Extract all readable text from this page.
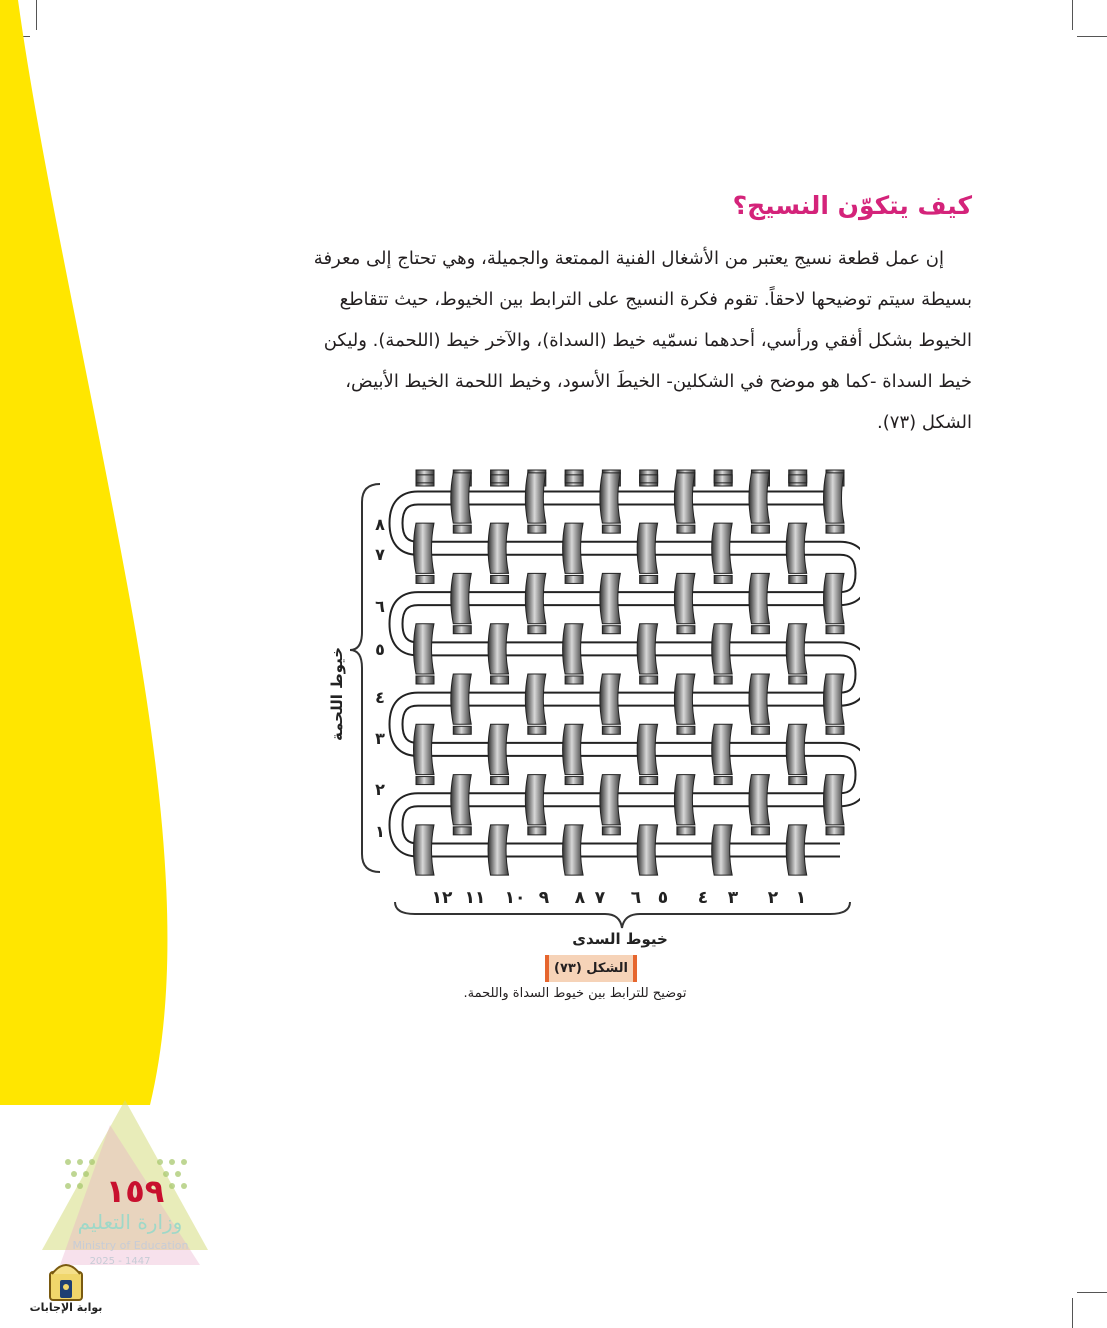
كيف يتكوّن النسيج؟
إن عمل قطعة نسيج يعتبر من الأشغال الفنية الممتعة والجميلة، وهي تحتاج إلى معرفة
بسيطة سيتم توضيحها لاحقاً. تقوم فكرة النسيج على الترابط بين الخيوط، حيث تتقاطع
الخيوط بشكل أفقي ورأسي، أحدهما نسمّيه خيط (السداة)، والآخر خيط (اللحمة). وليكن
خيط السداة -كما هو موضح في الشكلين- الخيطَ الأسود، وخيط اللحمة الخيط الأبيض،
الشكل (٧٣).
خيوط اللحمة
١
٢
٣
٤
٥
٦
٧
٨
١
٢
٣
٤
٥
٦
٧
٨
٩
١٠
١١
١٢
خيوط السدى
الشكل (٧٣)
توضيح للترابط بين خيوط السداة واللحمة.
١٥٩
وزارة التعليم
Ministry of Education
2025 - 1447
بوابة الإجابات
